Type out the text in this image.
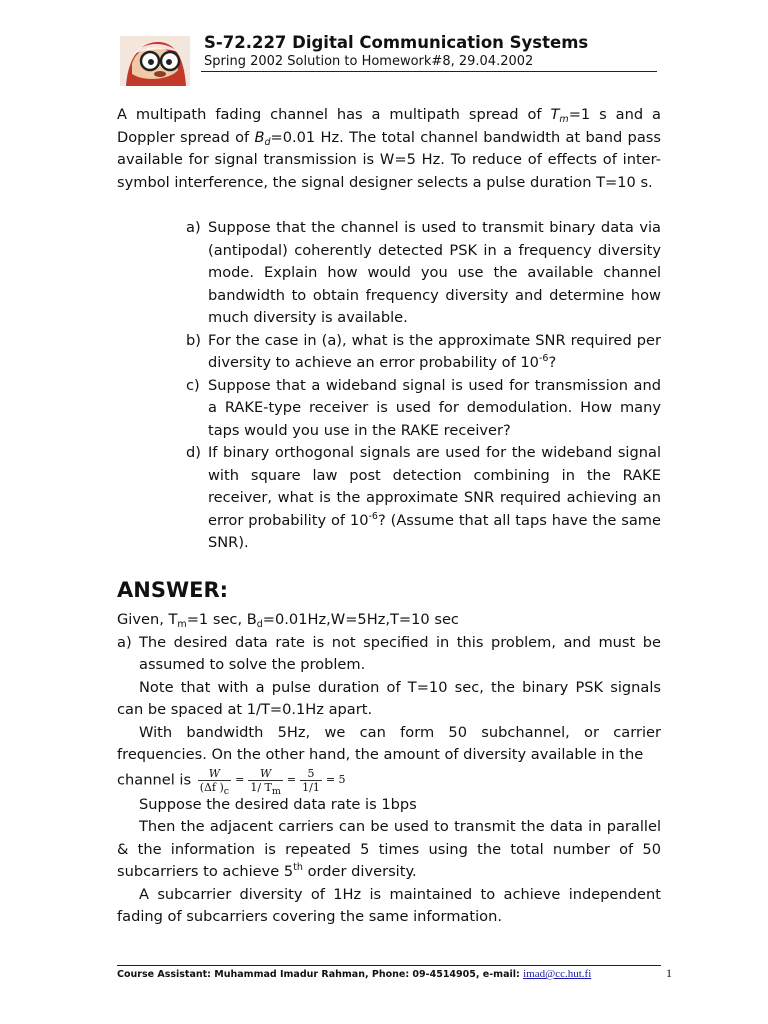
S-72.227 Digital Communication Systems
Spring 2002 Solution to Homework#8, 29.04.2002
A multipath fading channel has a multipath spread of $T_m=1$ s and a Doppler spread of $B_d=0.01$ Hz. The total channel bandwidth at band pass available for signal transmission is W=5 Hz. To reduce of effects of inter-symbol interference, the signal designer selects a pulse duration T=10 s.
a) Suppose that the channel is used to transmit binary data via (antipodal) coherently detected PSK in a frequency diversity mode. Explain how would you use the available channel bandwidth to obtain frequency diversity and determine how much diversity is available.
b) For the case in (a), what is the approximate SNR required per diversity to achieve an error probability of $10^{-6}$?
c) Suppose that a wideband signal is used for transmission and a RAKE-type receiver is used for demodulation. How many taps would you use in the RAKE receiver?
d) If binary orthogonal signals are used for the wideband signal with square law post detection combining in the RAKE receiver, what is the approximate SNR required achieving an error probability of $10^{-6}$? (Assume that all taps have the same SNR).
ANSWER:

Given, $T_m=1$ sec, $B_d=0.01Hz,W=5Hz,T=10$ sec

a) The desired data rate is not specified in this problem, and must be assumed to solve the problem.

Note that with a pulse duration of T=10 sec, the binary PSK signals can be spaced at 1/T=0.1Hz apart.

With bandwidth 5Hz, we can form 50 subchannel, or carrier frequencies. On the other hand, the amount of diversity available in the

channel is $\frac{W}{(\Delta f )_c} = \frac{W}{1/ T_m} = \frac{5}{1/1} = 5$

Suppose the desired data rate is 1bps

Then the adjacent carriers can be used to transmit the data in parallel & the information is repeated 5 times using the total number of 50 subcarriers to achieve 5th order diversity.

A subcarrier diversity of 1Hz is maintained to achieve independent fading of subcarriers covering the same information.

Course Assistant: Muhammad Imadur Rahman, Phone: 09-4514905, e-mail: imad@cc.hut.fi	1
